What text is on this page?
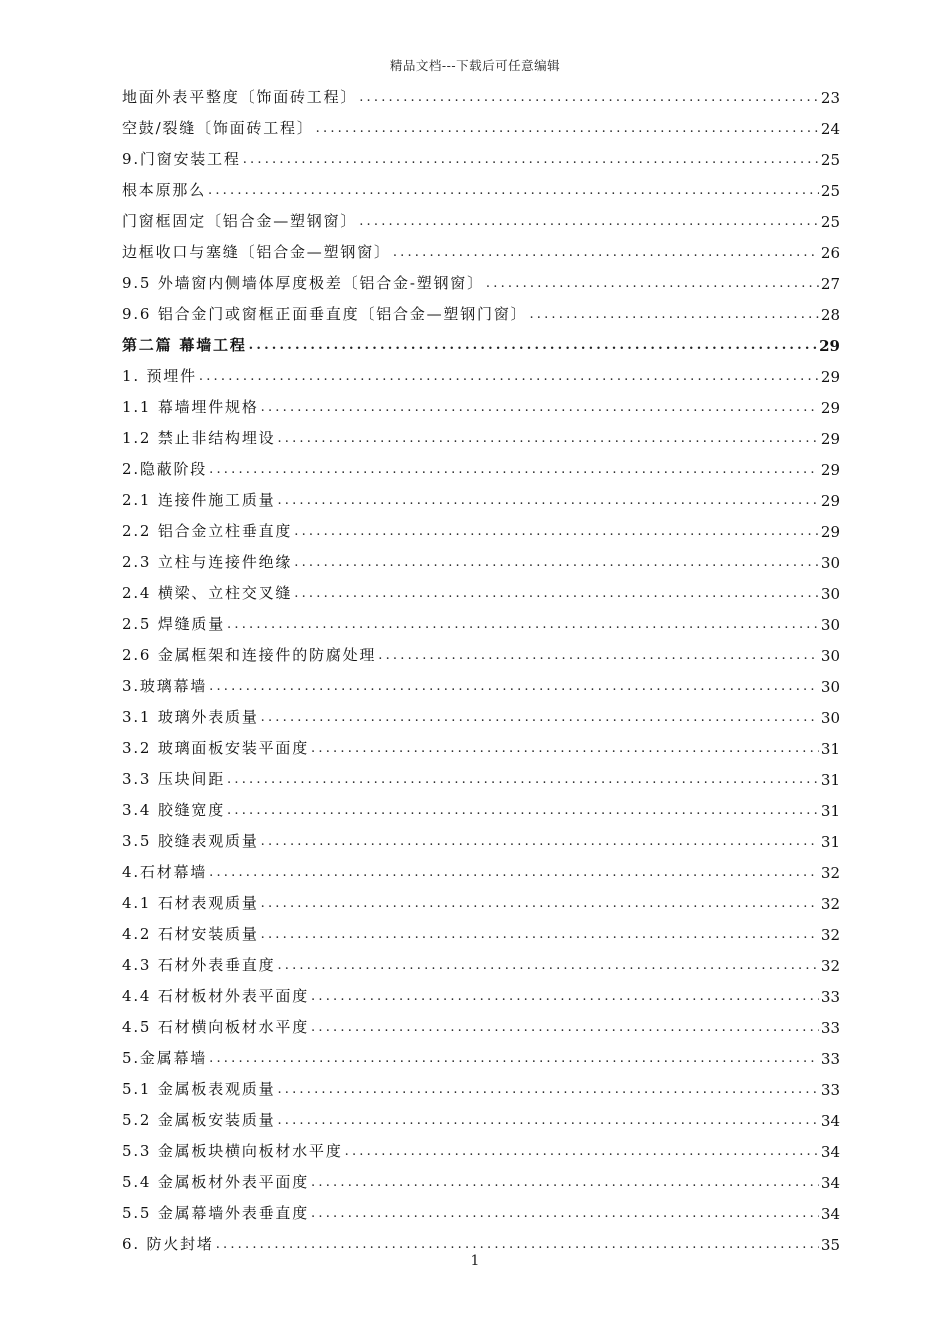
精品文档---下载后可任意编辑
地面外表平整度〔饰面砖工程〕 .....	23
空鼓/裂缝〔饰面砖工程〕 .....	24
9.门窗安装工程 .....	25
根本原那么 .....	25
门窗框固定〔铝合金—塑钢窗〕 .....	25
边框收口与塞缝〔铝合金—塑钢窗〕 .....	26
9.5 外墙窗内侧墙体厚度极差〔铝合金-塑钢窗〕 .....	27
9.6 铝合金门或窗框正面垂直度〔铝合金—塑钢门窗〕 .....	28
第二篇 幕墙工程 .....	29
1. 预埋件 .....	29
1.1 幕墙埋件规格 .....	29
1.2 禁止非结构埋设 .....	29
2.隐蔽阶段 .....	29
2.1 连接件施工质量 .....	29
2.2 铝合金立柱垂直度 .....	29
2.3 立柱与连接件绝缘 .....	30
2.4 横梁、立柱交叉缝 .....	30
2.5 焊缝质量 .....	30
2.6 金属框架和连接件的防腐处理 .....	30
3.玻璃幕墙 .....	30
3.1 玻璃外表质量 .....	30
3.2 玻璃面板安装平面度 .....	31
3.3 压块间距 .....	31
3.4 胶缝宽度 .....	31
3.5 胶缝表观质量 .....	31
4.石材幕墙 .....	32
4.1 石材表观质量 .....	32
4.2 石材安装质量 .....	32
4.3 石材外表垂直度 .....	32
4.4 石材板材外表平面度 .....	33
4.5 石材横向板材水平度 .....	33
5.金属幕墙 .....	33
5.1 金属板表观质量 .....	33
5.2 金属板安装质量 .....	34
5.3 金属板块横向板材水平度 .....	34
5.4 金属板材外表平面度 .....	34
5.5 金属幕墙外表垂直度 .....	34
6. 防火封堵 .....	35
1
